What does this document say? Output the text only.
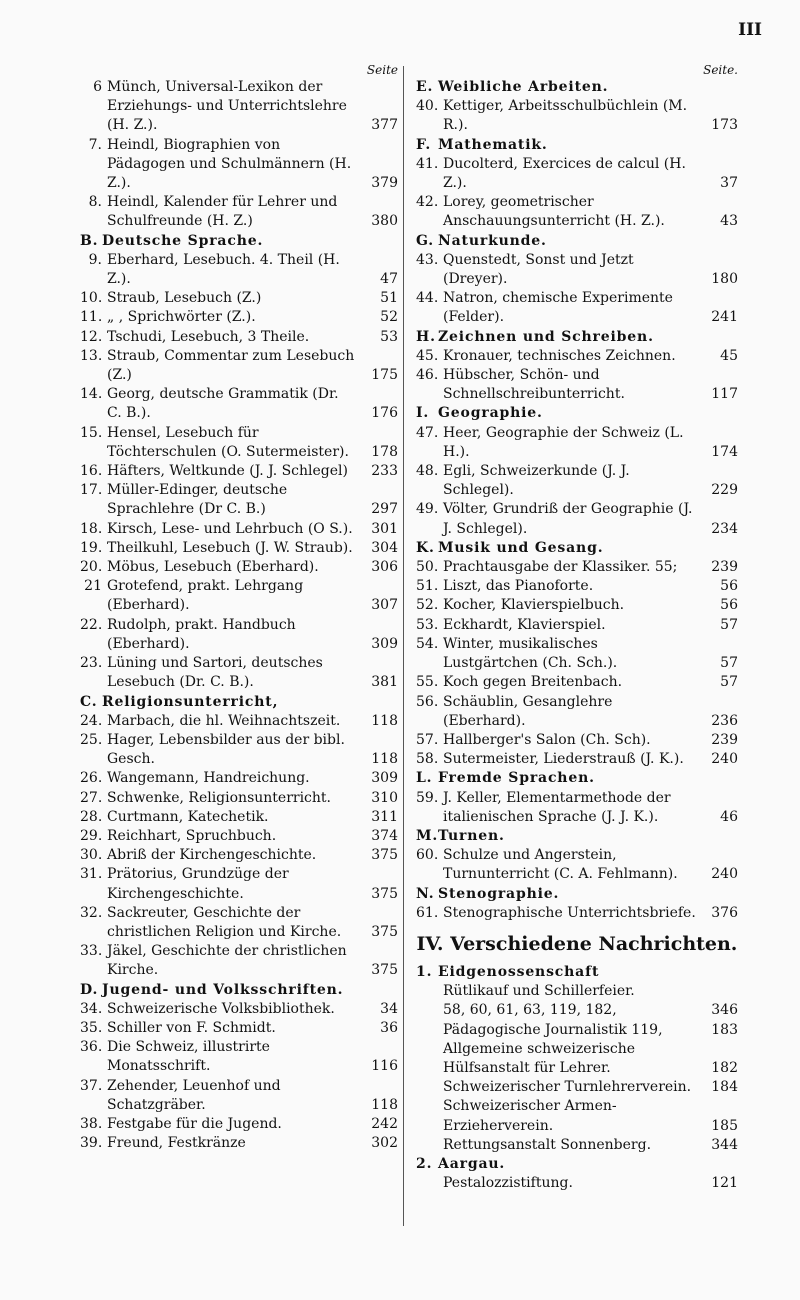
III
Seite
6 Münch, Universal-Lexikon der Erziehungs- und Unterrichtslehre (H. Z.).	377
7. Heindl, Biographien von Pädagogen und Schulmännern (H. Z.).	379
8. Heindl, Kalender für Lehrer und Schulfreunde (H. Z.)	380
B. Deutsche Sprache.
9. Eberhard, Lesebuch. 4. Theil (H. Z.).	47
10. Straub, Lesebuch (Z.)	51
11. „ , Sprichwörter (Z.).	52
12. Tschudi, Lesebuch, 3 Theile.	53
13. Straub, Commentar zum Lesebuch (Z.)	175
14. Georg, deutsche Grammatik (Dr. C. B.).	176
15. Hensel, Lesebuch für Töchterschulen (O. Sutermeister).	178
16. Häfters, Weltkunde (J. J. Schlegel)	233
17. Müller-Edinger, deutsche Sprachlehre (Dr C. B.)	297
18. Kirsch, Lese- und Lehrbuch (O S.).	301
19. Theilkuhl, Lesebuch (J. W. Straub).	304
20. Möbus, Lesebuch (Eberhard).	306
21 Grotefend, prakt. Lehrgang (Eberhard).	307
22. Rudolph, prakt. Handbuch (Eberhard).	309
23. Lüning und Sartori, deutsches Lesebuch (Dr. C. B.).	381
C. Religionsunterricht,
24. Marbach, die hl. Weihnachtszeit.	118
25. Hager, Lebensbilder aus der bibl. Gesch.	118
26. Wangemann, Handreichung.	309
27. Schwenke, Religionsunterricht.	310
28. Curtmann, Katechetik.	311
29. Reichhart, Spruchbuch.	374
30. Abriß der Kirchengeschichte.	375
31. Prätorius, Grundzüge der Kirchengeschichte.	375
32. Sackreuter, Geschichte der christlichen Religion und Kirche.	375
33. Jäkel, Geschichte der christlichen Kirche.	375
D. Jugend- und Volksschriften.
34. Schweizerische Volksbibliothek.	34
35. Schiller von F. Schmidt.	36
36. Die Schweiz, illustrirte Monatsschrift.	116
37. Zehender, Leuenhof und Schatzgräber.	118
38. Festgabe für die Jugend.	242
39. Freund, Festkränze	302
Seite.
E. Weibliche Arbeiten.
40. Kettiger, Arbeitsschulbüchlein (M. R.).	173
F. Mathematik.
41. Ducolterd, Exercices de calcul (H. Z.).	37
42. Lorey, geometrischer Anschauungsunterricht (H. Z.).	43
G. Naturkunde.
43. Quenstedt, Sonst und Jetzt (Dreyer).	180
44. Natron, chemische Experimente (Felder).	241
H. Zeichnen und Schreiben.
45. Kronauer, technisches Zeichnen.	45
46. Hübscher, Schön- und Schnellschreibunterricht.	117
I. Geographie.
47. Heer, Geographie der Schweiz (L. H.).	174
48. Egli, Schweizerkunde (J. J. Schlegel).	229
49. Völter, Grundriß der Geographie (J. J. Schlegel).	234
K. Musik und Gesang.
50. Prachtausgabe der Klassiker. 55;	239
51. Liszt, das Pianoforte.	56
52. Kocher, Klavierspielbuch.	56
53. Eckhardt, Klavierspiel.	57
54. Winter, musikalisches Lustgärtchen (Ch. Sch.).	57
55. Koch gegen Breitenbach.	57
56. Schäublin, Gesanglehre (Eberhard).	236
57. Hallberger's Salon (Ch. Sch).	239
58. Sutermeister, Liederstrauß (J. K.).	240
L. Fremde Sprachen.
59. J. Keller, Elementarmethode der italienischen Sprache (J. J. K.).	46
M.Turnen.
60. Schulze und Angerstein, Turnunterricht (C. A. Fehlmann).	240
N. Stenographie.
61. Stenographische Unterrichtsbriefe.	376
IV. Verschiedene Nachrichten.
1. Eidgenossenschaft
Rütlikauf und Schillerfeier.
58, 60, 61, 63, 119, 182,	346
Pädagogische Journalistik 119,	183
Allgemeine schweizerische Hülfsanstalt für Lehrer.	182
Schweizerischer Turnlehrerverein.	184
Schweizerischer Armen-Erzieherverein.	185
Rettungsanstalt Sonnenberg.	344
2. Aargau.
Pestalozzistiftung.	121
